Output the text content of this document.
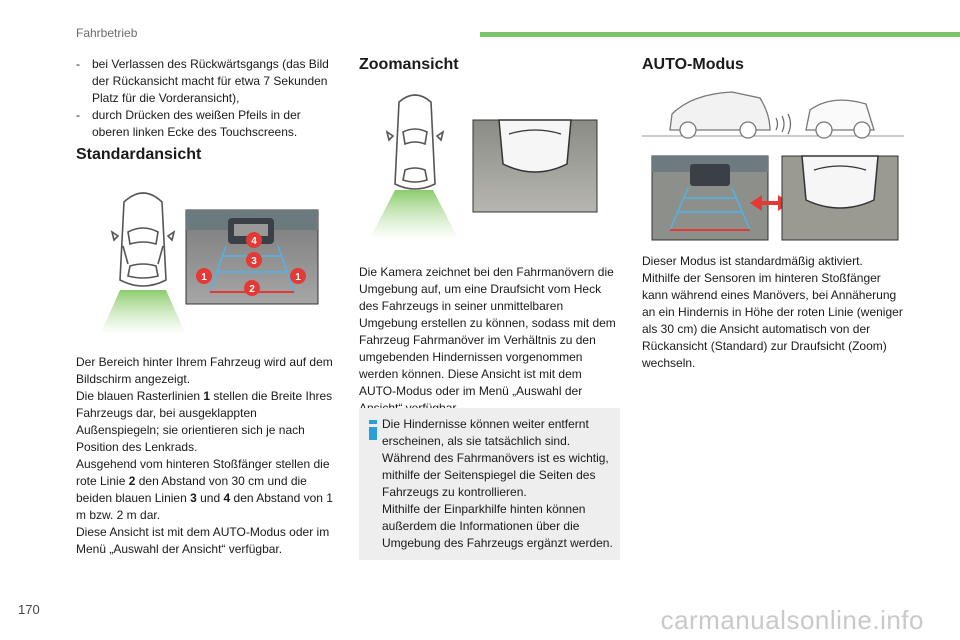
Fahrbetrieb

- bei Verlassen des Rückwärtsgangs (das Bild der Rückansicht macht für etwa 7 Sekunden Platz für die Vorderansicht),

- durch Drücken des weißen Pfeils in der oberen linken Ecke des Touchscreens.

Standardansicht

1	1
2
3
4

Der Bereich hinter Ihrem Fahrzeug wird auf dem Bildschirm angezeigt.

Die blauen Rasterlinien 1 stellen die Breite Ihres Fahrzeugs dar, bei ausgeklappten Außenspiegeln; sie orientieren sich je nach Position des Lenkrads.

Ausgehend vom hinteren Stoßfänger stellen die rote Linie 2 den Abstand von 30 cm und die beiden blauen Linien 3 und 4 den Abstand von 1 m bzw. 2 m dar.

Diese Ansicht ist mit dem AUTO-Modus oder im Menü „Auswahl der Ansicht“ verfügbar.

Zoomansicht

Die Kamera zeichnet bei den Fahrmanövern die Umgebung auf, um eine Draufsicht vom Heck des Fahrzeugs in seiner unmittelbaren Umgebung erstellen zu können, sodass mit dem Fahrzeug Fahrmanöver im Verhältnis zu den umgebenden Hindernissen vorgenommen werden können. Diese Ansicht ist mit dem AUTO-Modus oder im Menü „Auswahl der

Die Hindernisse können weiter entfernt erscheinen, als sie tatsächlich sind.

Während des Fahrmanövers ist es wichtig, mithilfe der Seitenspiegel die Seiten des Fahrzeugs zu kontrollieren.

Mithilfe der Einparkhilfe hinten können außerdem die Informationen über die Umgebung des Fahrzeugs ergänzt werden.

AUTO-Modus

Dieser Modus ist standardmäßig aktiviert. Mithilfe der Sensoren im hinteren Stoßfänger kann während eines Manövers, bei Annäherung an ein Hindernis in Höhe der roten Linie (weniger als 30 cm) die Ansicht automatisch von der Rückansicht (Standard) zur Draufsicht (Zoom) wechseln.

170	carmanualsonline.info
